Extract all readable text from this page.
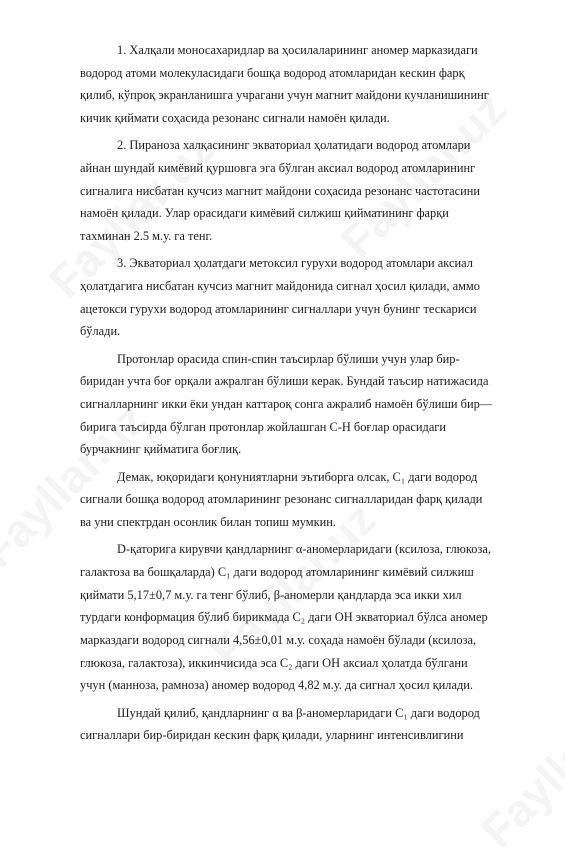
1. Халқали моносахаридлар ва ҳосилаларининг аномер марказидаги
водород атоми молекуласидаги бошқа водород атомларидан кескин фарқ
қилиб, кўпроқ экранланишга учрагани учун магнит майдони кучланишининг
кичик қиймати соҳасида резонанс сигнали намоён қилади.
2. Пираноза халқасининг экваториал ҳолатидаги водород атомлари
айнан шундай кимёвий қуршовга эга бўлган аксиал водород атомларининг
сигналига нисбатан кучсиз магнит майдони соҳасида резонанс частотасини
намоён қилади. Улар орасидаги кимёвий силжиш қийматининг фарқи
тахминан 2.5 м.у. га тенг.
3. Экваториал ҳолатдаги метоксил гурухи водород атомлари аксиал
ҳолатдагига нисбатан кучсиз магнит майдонида сигнал ҳосил қилади, аммо
ацетокси гурухи водород атомларининг сигналлари учун бунинг тескариси
бўлади.
Протонлар орасида спин-спин таъсирлар бўлиши учун улар бир-
биридан учта боғ орқали ажралган бўлиши керак. Бундай таъсир натижасида
сигналларнинг икки ёки ундан каттароқ сонга ажралиб намоён бўлиши бир—
бирига таъсирда бўлган протонлар жойлашган С-Н боғлар орасидаги
бурчакнинг қийматига боғлиқ.
Демак, юқоридаги қонуниятларни эътиборга олсак, С₁ даги водород
сигнали бошқа водород атомларининг резонанс сигналларидан фарқ қилади
ва уни спектрдан осонлик билан топиш мумкин.
D-қаторига кирувчи қандларнинг α-аномерларидаги (ксилоза, глюкоза,
галактоза ва бошқаларда) С₁ даги водород атомларининг кимёвий силжиш
қиймати 5,17±0,7 м.у. га тенг бўлиб, β-аномерли қандларда эса икки хил
турдаги конформация бўлиб бирикмада С₂ даги ОН экваториал бўлса аномер
марказдаги водород сигнали 4,56±0,01 м.у. соҳада намоён бўлади (ксилоза,
глюкоза, галактоза), иккинчисида эса С₂ даги ОН аксиал ҳолатда бўлгани
учун (манноза, рамноза) аномер водород 4,82 м.у. да сигнал ҳосил қилади.
Шундай қилиб, қандларнинг α ва β-аномерларидаги С₁ даги водород
сигналлари бир-биридан кескин фарқ қилади, уларнинг интенсивлигини
